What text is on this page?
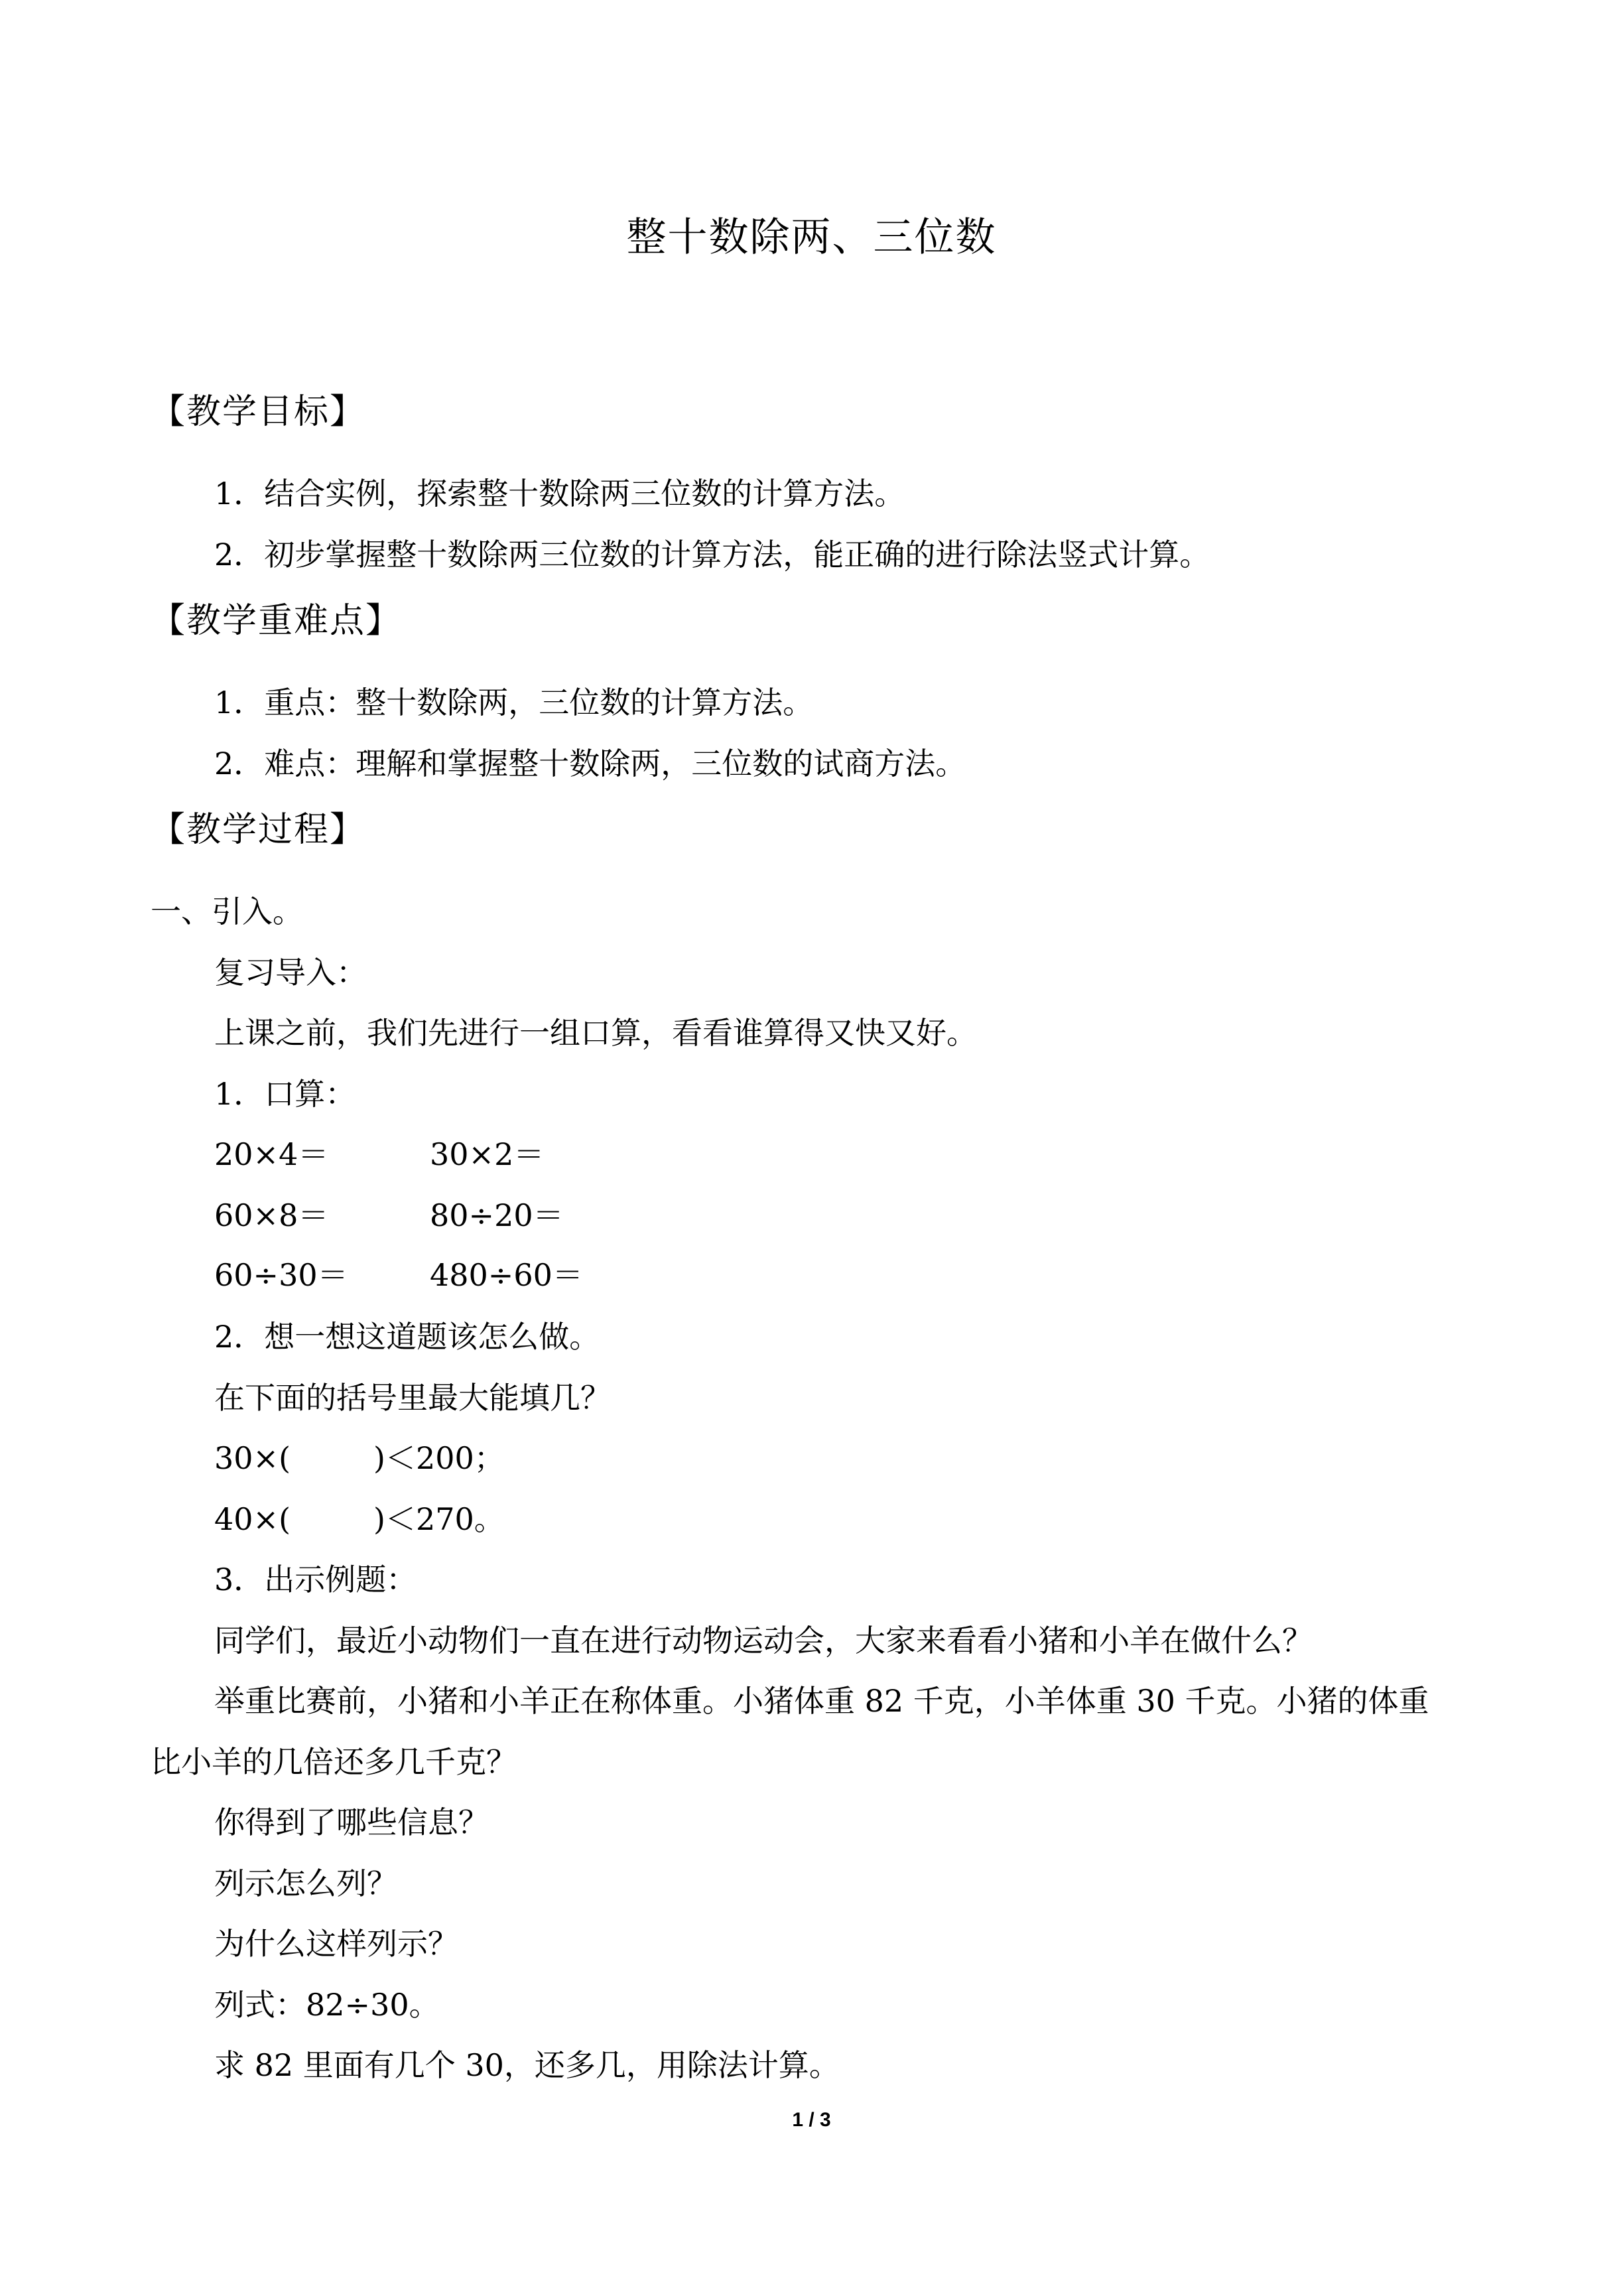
整十数除两、三位数
【教学目标】
1．结合实例，探索整十数除两三位数的计算方法。
2．初步掌握整十数除两三位数的计算方法，能正确的进行除法竖式计算。
【教学重难点】
1．重点：整十数除两，三位数的计算方法。
2．难点：理解和掌握整十数除两，三位数的试商方法。
【教学过程】
一、引入。
复习导入：
上课之前，我们先进行一组口算，看看谁算得又快又好。
1．口算：
20×4＝	30×2＝
60×8＝	80÷20＝
60÷30＝	480÷60＝
2．想一想这道题该怎么做。
在下面的括号里最大能填几？
30×(	)＜200；
40×(	)＜270。
3．出示例题：
同学们，最近小动物们一直在进行动物运动会，大家来看看小猪和小羊在做什么？
举重比赛前，小猪和小羊正在称体重。小猪体重 82 千克，小羊体重 30 千克。小猪的体重
比小羊的几倍还多几千克？
你得到了哪些信息？
列示怎么列？
为什么这样列示？
列式：82÷30。
求 82 里面有几个 30，还多几，用除法计算。
1 / 3
